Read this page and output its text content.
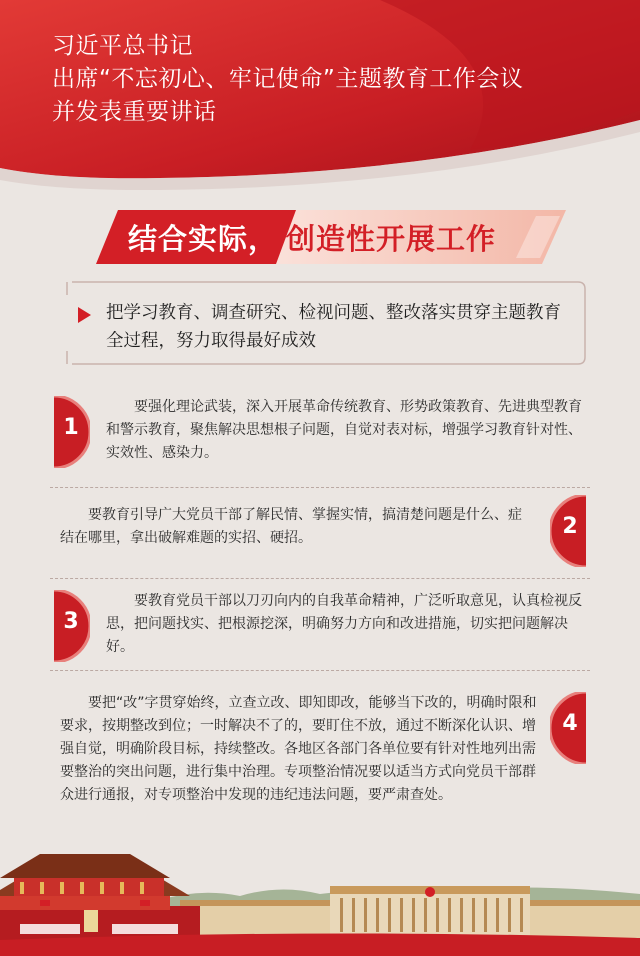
习近平总书记
出席“不忘初心、牢记使命”主题教育工作会议
并发表重要讲话
结合实际， 创造性开展工作
把学习教育、调查研究、检视问题、整改落实贯穿主题教育全过程，努力取得最好成效
1
要强化理论武装，深入开展革命传统教育、形势政策教育、先进典型教育和警示教育，聚焦解决思想根子问题，自觉对表对标，增强学习教育针对性、实效性、感染力。
要教育引导广大党员干部了解民情、掌握实情，搞清楚问题是什么、症结在哪里，拿出破解难题的实招、硬招。	2
3
要教育党员干部以刀刃向内的自我革命精神，广泛听取意见，认真检视反思，把问题找实、把根源挖深，明确努力方向和改进措施，切实把问题解决好。
要把“改”字贯穿始终，立查立改、即知即改，能够当下改的，明确时限和要求，按期整改到位；一时解决不了的，要盯住不放，通过不断深化认识、增强自觉，明确阶段目标，持续整改。各地区各部门各单位要有针对性地列出需要整治的突出问题，进行集中治理。专项整治情况要以适当方式向党员干部群众进行通报，对专项整治中发现的违纪违法问题，要严肃查处。
4
